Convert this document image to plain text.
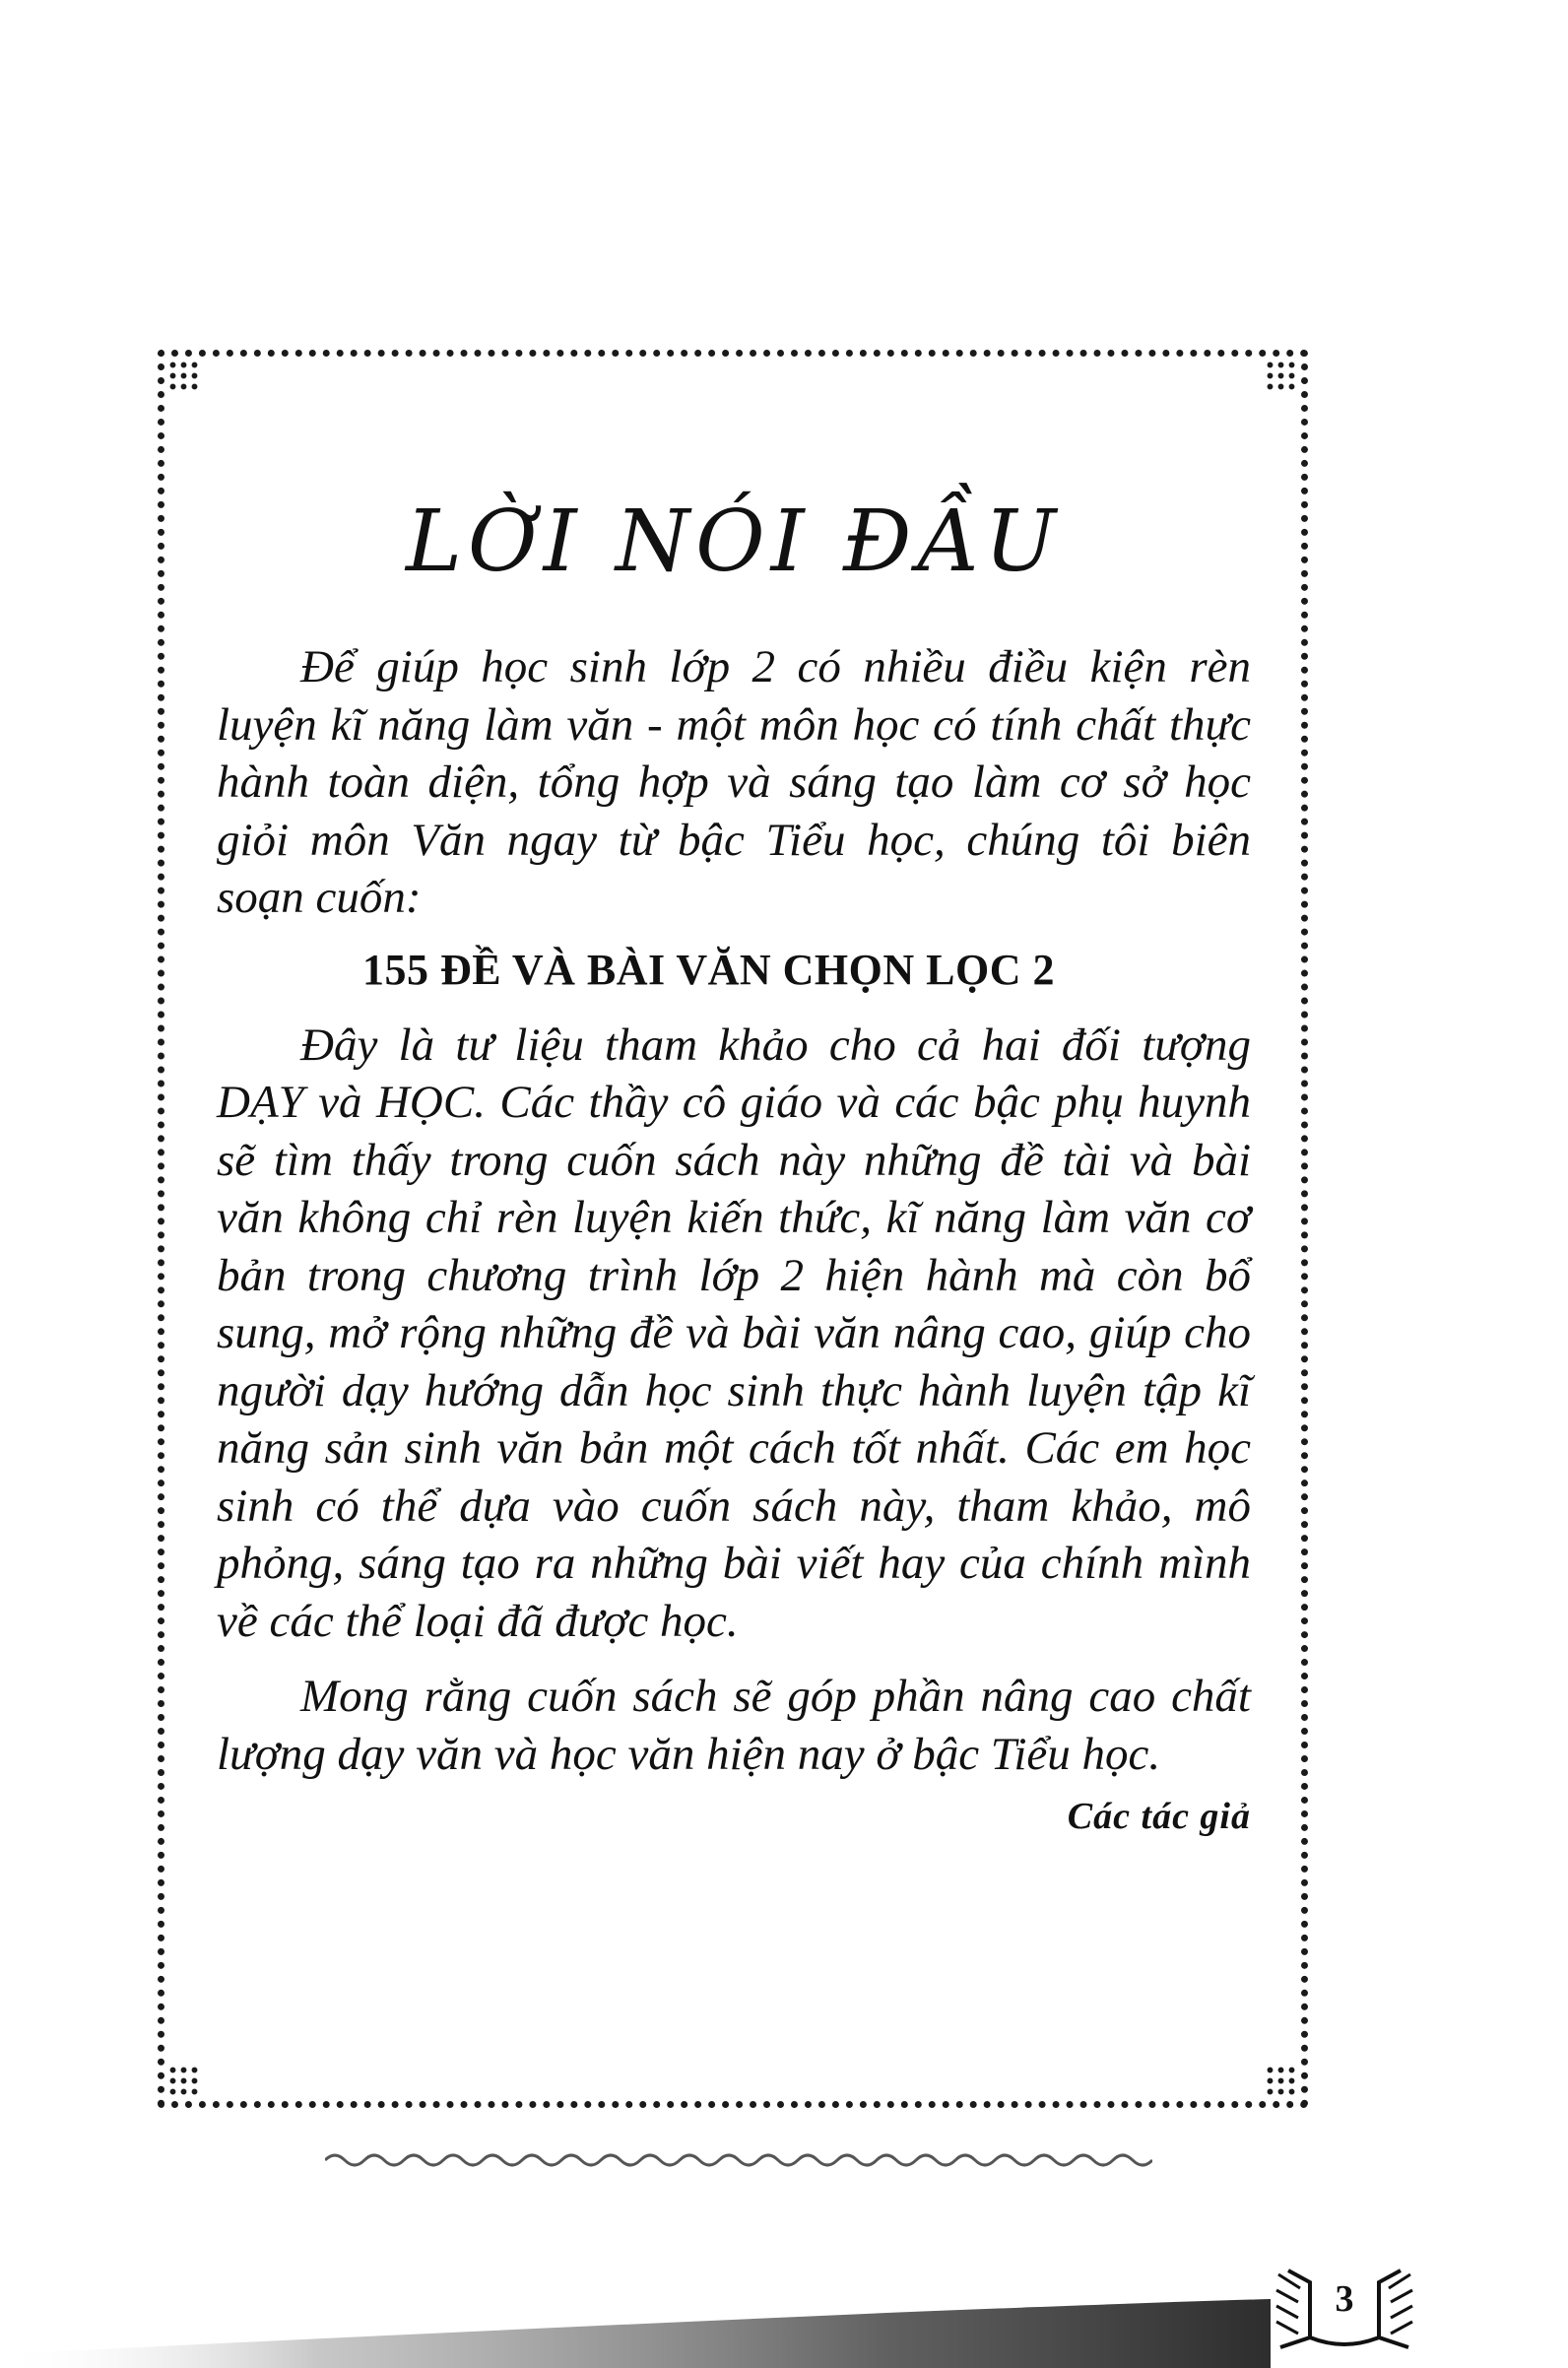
LỜI NÓI ĐẦU

Để giúp học sinh lớp 2 có nhiều điều kiện rèn luyện kĩ năng làm văn - một môn học có tính chất thực hành toàn diện, tổng hợp và sáng tạo làm cơ sở học giỏi môn Văn ngay từ bậc Tiểu học, chúng tôi biên soạn cuốn:

155 ĐỀ VÀ BÀI VĂN CHỌN LỌC 2

Đây là tư liệu tham khảo cho cả hai đối tượng DẠY và HỌC. Các thầy cô giáo và các bậc phụ huynh sẽ tìm thấy trong cuốn sách này những đề tài và bài văn không chỉ rèn luyện kiến thức, kĩ năng làm văn cơ bản trong chương trình lớp 2 hiện hành mà còn bổ sung, mở rộng những đề và bài văn nâng cao, giúp cho người dạy hướng dẫn học sinh thực hành luyện tập kĩ năng sản sinh văn bản một cách tốt nhất. Các em học sinh có thể dựa vào cuốn sách này, tham khảo, mô phỏng, sáng tạo ra những bài viết hay của chính mình về các thể loại đã được học.

Mong rằng cuốn sách sẽ góp phần nâng cao chất lượng dạy văn và học văn hiện nay ở bậc Tiểu học.

Các tác giả
3
